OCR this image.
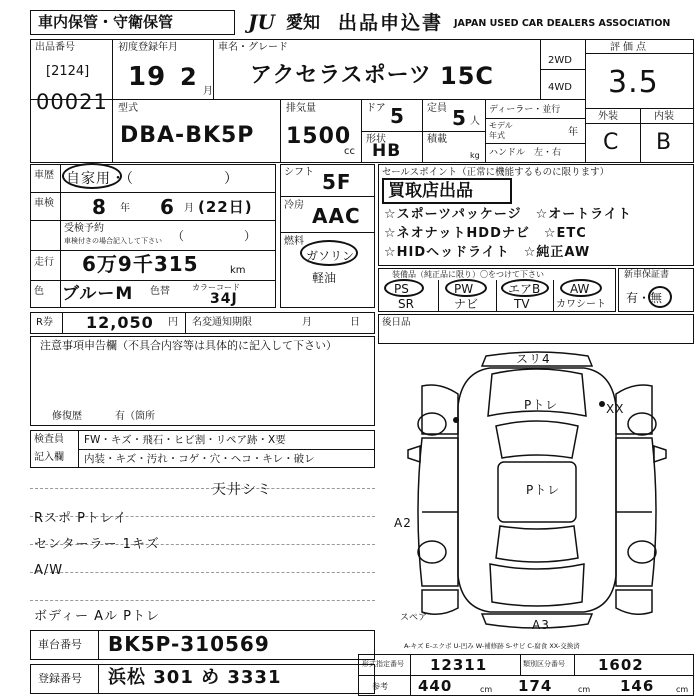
車内保管・守衛保管	JU 愛知 出品申込書 JAPAN USED CAR DEALERS ASSOCIATION
出品番号
[2124]
00021
初度登録年月
19 2
月
車名・グレード
アクセラスポーツ 15C
2WD
4WD
評価点
3.5
型式
DBA-BK5P
排気量
1500
cc
ドア 5 定員 5 人
形状
HB
積載
kg
ディーラー・並行
モデル
年式	年
ハンドル　左・右
外装	内装
C B
車歴 自家用・（　　　　　　）
車検 8 年 6 月 (22日)
受検予約
車検付きの場合記入して下さい （　　　　　）
走行 6万9千315	km
色 ブルーM 色替	カラーコード
34J
R券 12,050 円 名変通知期限	月	日
注意事項申告欄（不具合内容等は具体的に記入して下さい）
修復歴	有（箇所
検査員
記入欄
FW・キズ・飛石・ヒビ割・リペア跡・X要
内装・キズ・汚れ・コゲ・穴・ヘコ・キレ・破レ
天井シミ
Rスポ Pトレイ
センターラー 1キズ
A/W
ボディー Aル Pトレ
シフト 5F
冷房 AAC
燃料
ガソリン
軽油
セールスポイント（正常に機能するものに限ります）
買取店出品
☆スポーツパッケージ　☆オートライト
☆ネオナットHDDナビ　☆ETC
☆HIDヘッドライト　☆純正AW
装備品（純正品に限り）〇をつけて下さい
PS	PW	エアB AW
SR	ナビ	TV	カワシート
新車保証書
有・無
後日品
スリ4
Pトレ
Pトレ
XX
A2
A3
スペア
A-キズ E-エクボ U-凹み W-補修跡 S-サビ C-腐食 XX-交換済
車台番号 BK5P-310569
登録番号 浜松 301 め 3331
形式指定番号 12311	類別区分番号 1602
参考 440	cm 174	cm 146	cm
